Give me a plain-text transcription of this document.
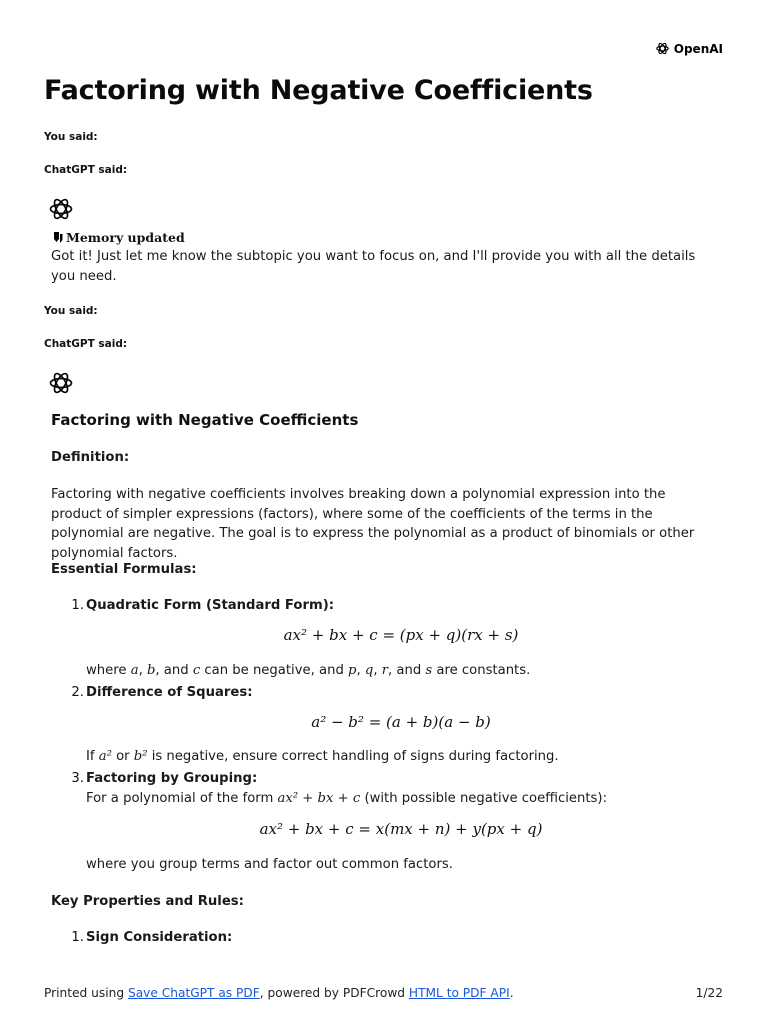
OpenAI
Factoring with Negative Coefficients
You said:
ChatGPT said:
Memory updated

Got it! Just let me know the subtopic you want to focus on, and I'll provide you with all the details you need.

You said:
ChatGPT said:
Factoring with Negative Coefficients
Definition:

Factoring with negative coefficients involves breaking down a polynomial expression into the product of simpler expressions (factors), where some of the coefficients of the terms in the polynomial are negative. The goal is to express the polynomial as a product of binomials or other polynomial factors.

Essential Formulas:
1. Quadratic Form (Standard Form):
ax² + bx + c = (px + q)(rx + s)
where a, b, and c can be negative, and p, q, r, and s are constants.
2. Difference of Squares:
a² − b² = (a + b)(a − b)
If a² or b² is negative, ensure correct handling of signs during factoring.
3. Factoring by Grouping:
For a polynomial of the form ax² + bx + c (with possible negative coefficients):
ax² + bx + c = x(mx + n) + y(px + q)
where you group terms and factor out common factors.
Key Properties and Rules:
1. Sign Consideration:
Printed using Save ChatGPT as PDF, powered by PDFCrowd HTML to PDF API.	1/22
